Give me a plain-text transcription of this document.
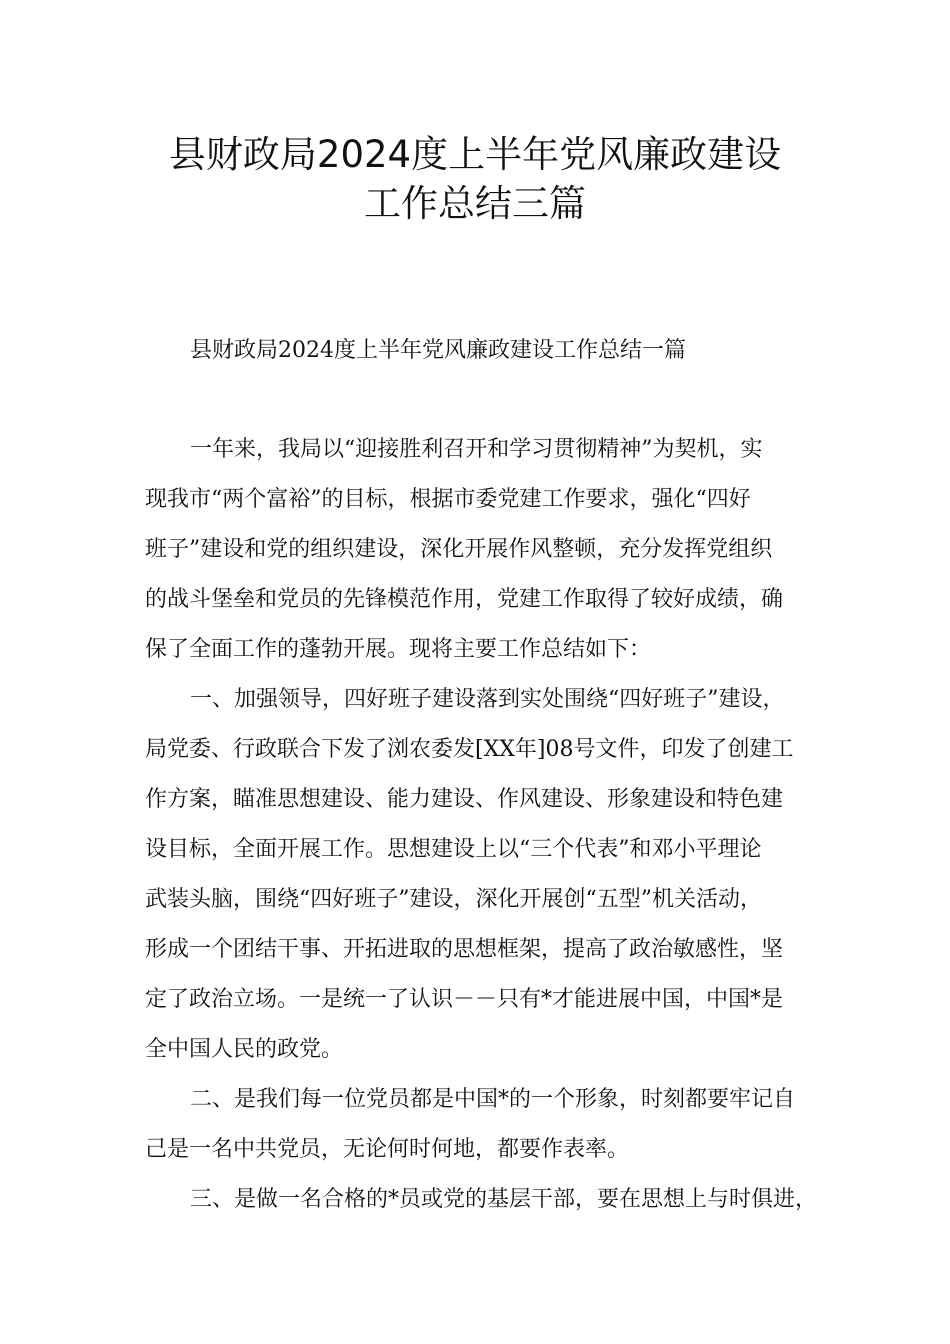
县财政局2024度上半年党风廉政建设
工作总结三篇
县财政局2024度上半年党风廉政建设工作总结一篇
一年来，我局以“迎接胜利召开和学习贯彻精神”为契机，实
现我市“两个富裕”的目标，根据市委党建工作要求，强化“四好
班子”建设和党的组织建设，深化开展作风整顿，充分发挥党组织
的战斗堡垒和党员的先锋模范作用，党建工作取得了较好成绩，确
保了全面工作的蓬勃开展。现将主要工作总结如下：
一、加强领导，四好班子建设落到实处围绕“四好班子”建设，
局党委、行政联合下发了浏农委发[XX年]08号文件，印发了创建工
作方案，瞄准思想建设、能力建设、作风建设、形象建设和特色建
设目标，全面开展工作。思想建设上以“三个代表”和邓小平理论
武装头脑，围绕“四好班子”建设，深化开展创“五型”机关活动，
形成一个团结干事、开拓进取的思想框架，提高了政治敏感性，坚
定了政治立场。一是统一了认识－－只有*才能进展中国，中国*是
全中国人民的政党。
二、是我们每一位党员都是中国*的一个形象，时刻都要牢记自
己是一名中共党员，无论何时何地，都要作表率。
三、是做一名合格的*员或党的基层干部，要在思想上与时俱进，
